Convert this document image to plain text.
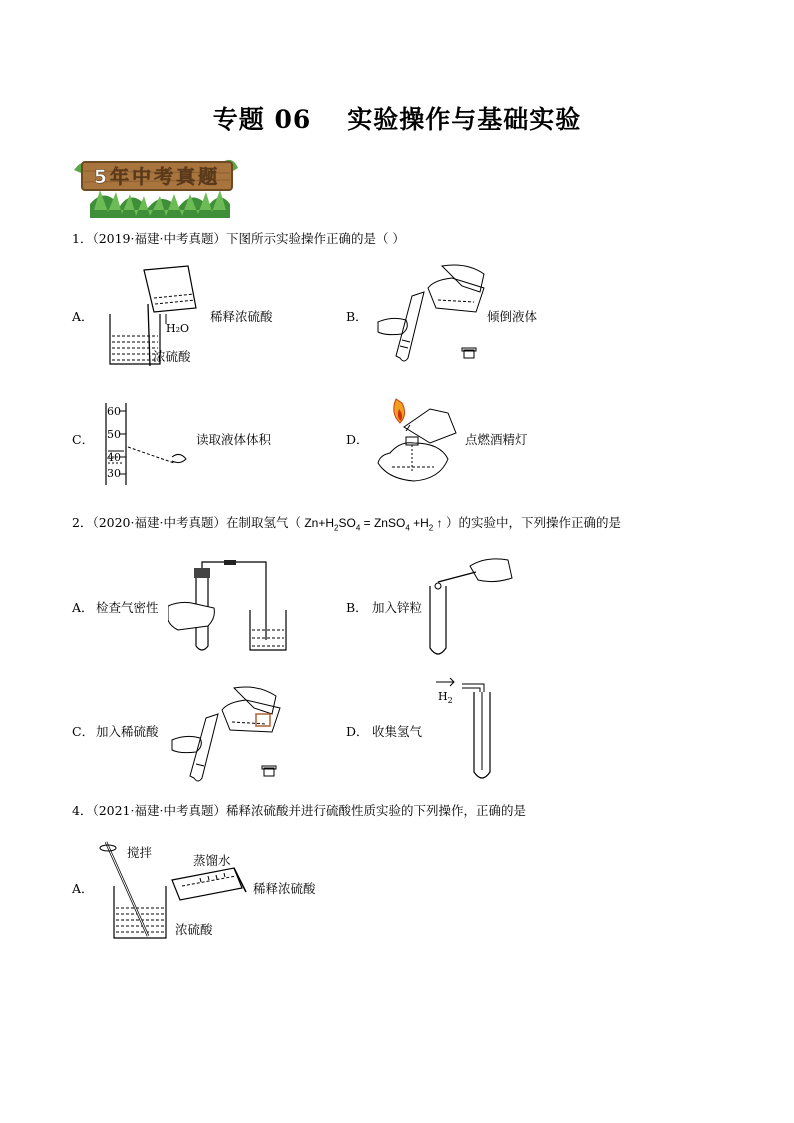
专题 06 实验操作与基础实验
5年中考真题
1．（2019·福建·中考真题）下图所示实验操作正确的是（ ）
A．
H₂O
浓硫酸
稀释浓硫酸	B．	倾倒液体
C．
60
50
40
30
读取液体体积	D．	点燃酒精灯
2．（2020·福建·中考真题）在制取氢气（ $Zn+H_2SO_4$ = ZnSO$_4$ $+H_2$ ↑ ）的实验中，下列操作正确的是
A． 检查气密性	B． 加入锌粒
C． 加入稀硫酸	D． 收集氢气
$H_2$
4．（2021·福建·中考真题）稀释浓硫酸并进行硫酸性质实验的下列操作，正确的是
A．
搅拌
蒸馏水
稀释浓硫酸
浓硫酸
